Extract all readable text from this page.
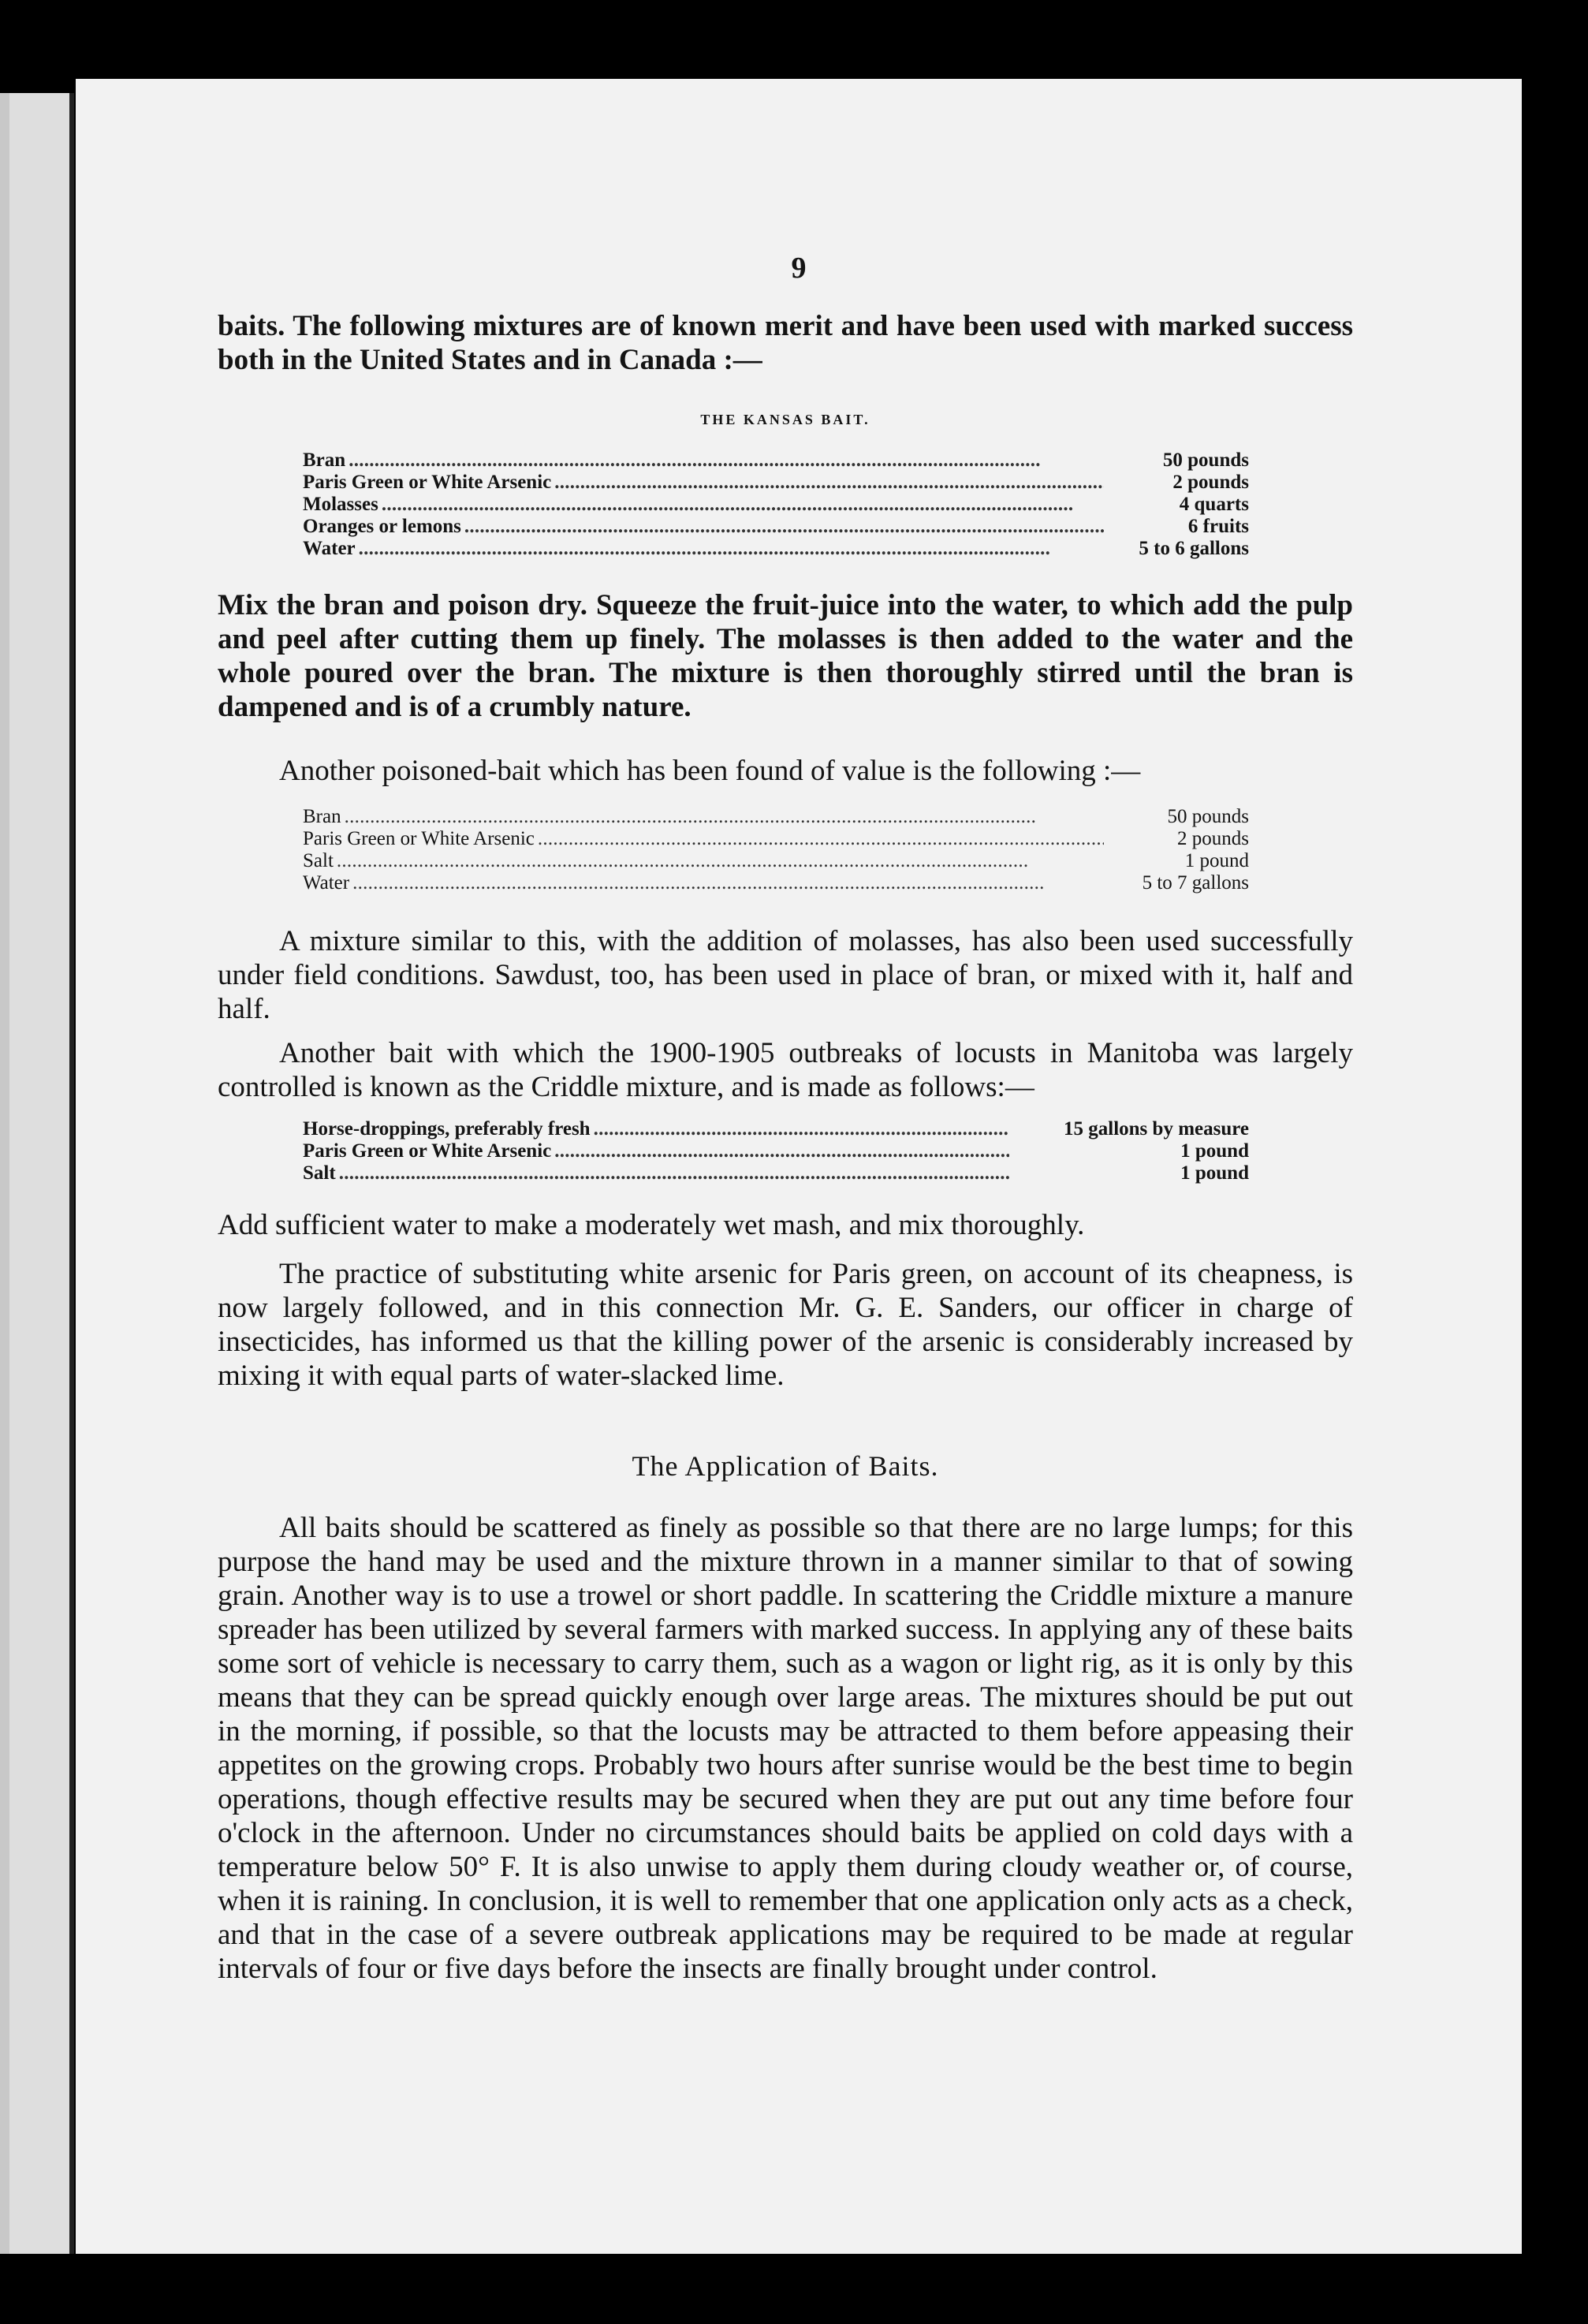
9

baits. The following mixtures are of known merit and have been used with marked success both in the United States and in Canada :—

THE KANSAS BAIT.
Bran . . .	50 pounds
Paris Green or White Arsenic . . .	2 pounds
Molasses . . .	4 quarts
Oranges or lemons . . .	6 fruits
Water . . .	5 to 6 gallons

Mix the bran and poison dry. Squeeze the fruit-juice into the water, to which add the pulp and peel after cutting them up finely. The molasses is then added to the water and the whole poured over the bran. The mixture is then thoroughly stirred until the bran is dampened and is of a crumbly nature.

Another poisoned-bait which has been found of value is the following :—

Bran . . .	50 pounds
Paris Green or White Arsenic . . .	2 pounds
Salt . . .	1 pound
Water . . .	5 to 7 gallons

A mixture similar to this, with the addition of molasses, has also been used successfully under field conditions. Sawdust, too, has been used in place of bran, or mixed with it, half and half.

Another bait with which the 1900-1905 outbreaks of locusts in Manitoba was largely controlled is known as the Criddle mixture, and is made as follows:—

Horse-droppings, preferably fresh . . .	15 gallons by measure
Paris Green or White Arsenic . . .	1 pound
Salt . . .	1 pound

Add sufficient water to make a moderately wet mash, and mix thoroughly.

The practice of substituting white arsenic for Paris green, on account of its cheapness, is now largely followed, and in this connection Mr. G. E. Sanders, our officer in charge of insecticides, has informed us that the killing power of the arsenic is considerably increased by mixing it with equal parts of water-slacked lime.

The Application of Baits.

All baits should be scattered as finely as possible so that there are no large lumps; for this purpose the hand may be used and the mixture thrown in a manner similar to that of sowing grain. Another way is to use a trowel or short paddle. In scattering the Criddle mixture a manure spreader has been utilized by several farmers with marked success. In applying any of these baits some sort of vehicle is necessary to carry them, such as a wagon or light rig, as it is only by this means that they can be spread quickly enough over large areas. The mixtures should be put out in the morning, if possible, so that the locusts may be attracted to them before appeasing their appetites on the growing crops. Probably two hours after sunrise would be the best time to begin operations, though effective results may be secured when they are put out any time before four o'clock in the afternoon. Under no circumstances should baits be applied on cold days with a temperature below 50° F. It is also unwise to apply them during cloudy weather or, of course, when it is raining. In conclusion, it is well to remember that one application only acts as a check, and that in the case of a severe outbreak applications may be required to be made at regular intervals of four or five days before the insects are finally brought under control.
